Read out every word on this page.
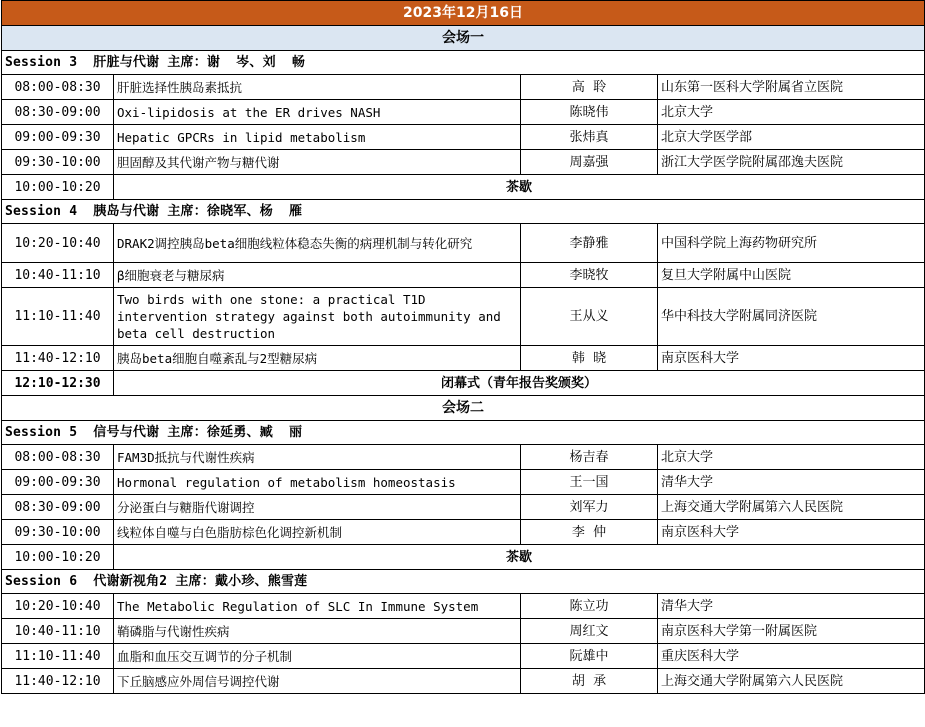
2023年12月16日			
会场一			
Session 3  肝脏与代谢 主席：谢  岑、刘  畅			
08:00-08:30	肝脏选择性胰岛素抵抗	高  聆	山东第一医科大学附属省立医院
08:30-09:00	Oxi-lipidosis at the ER drives NASH	陈晓伟	北京大学
09:00-09:30	Hepatic GPCRs in lipid metabolism	张炜真	北京大学医学部
09:30-10:00	胆固醇及其代谢产物与糖代谢	周嘉强	浙江大学医学院附属邵逸夫医院
10:00-10:20	茶歇		
Session 4  胰岛与代谢 主席：徐晓军、杨  雁			
10:20-10:40	DRAK2调控胰岛beta细胞线粒体稳态失衡的病理机制与转化研究	李静雅	中国科学院上海药物研究所
10:40-11:10	β细胞衰老与糖尿病	李晓牧	复旦大学附属中山医院
11:10-11:40	Two birds with one stone: a practical T1D intervention strategy against both autoimmunity and beta cell destruction	王从义	华中科技大学附属同济医院
11:40-12:10	胰岛beta细胞自噬紊乱与2型糖尿病	韩  晓	南京医科大学
12:10-12:30	闭幕式（青年报告奖颁奖）		
会场二			
Session 5  信号与代谢 主席：徐延勇、臧  丽			
08:00-08:30	FAM3D抵抗与代谢性疾病	杨吉春	北京大学
09:00-09:30	Hormonal regulation of metabolism homeostasis	王一国	清华大学
08:30-09:00	分泌蛋白与糖脂代谢调控	刘军力	上海交通大学附属第六人民医院
09:30-10:00	线粒体自噬与白色脂肪棕色化调控新机制	李  仲	南京医科大学
10:00-10:20	茶歇		
Session 6  代谢新视角2 主席：戴小珍、熊雪莲			
10:20-10:40	The Metabolic Regulation of SLC In Immune System	陈立功	清华大学
10:40-11:10	鞘磷脂与代谢性疾病	周红文	南京医科大学第一附属医院
11:10-11:40	血脂和血压交互调节的分子机制	阮雄中	重庆医科大学
11:40-12:10	下丘脑感应外周信号调控代谢	胡  承	上海交通大学附属第六人民医院
